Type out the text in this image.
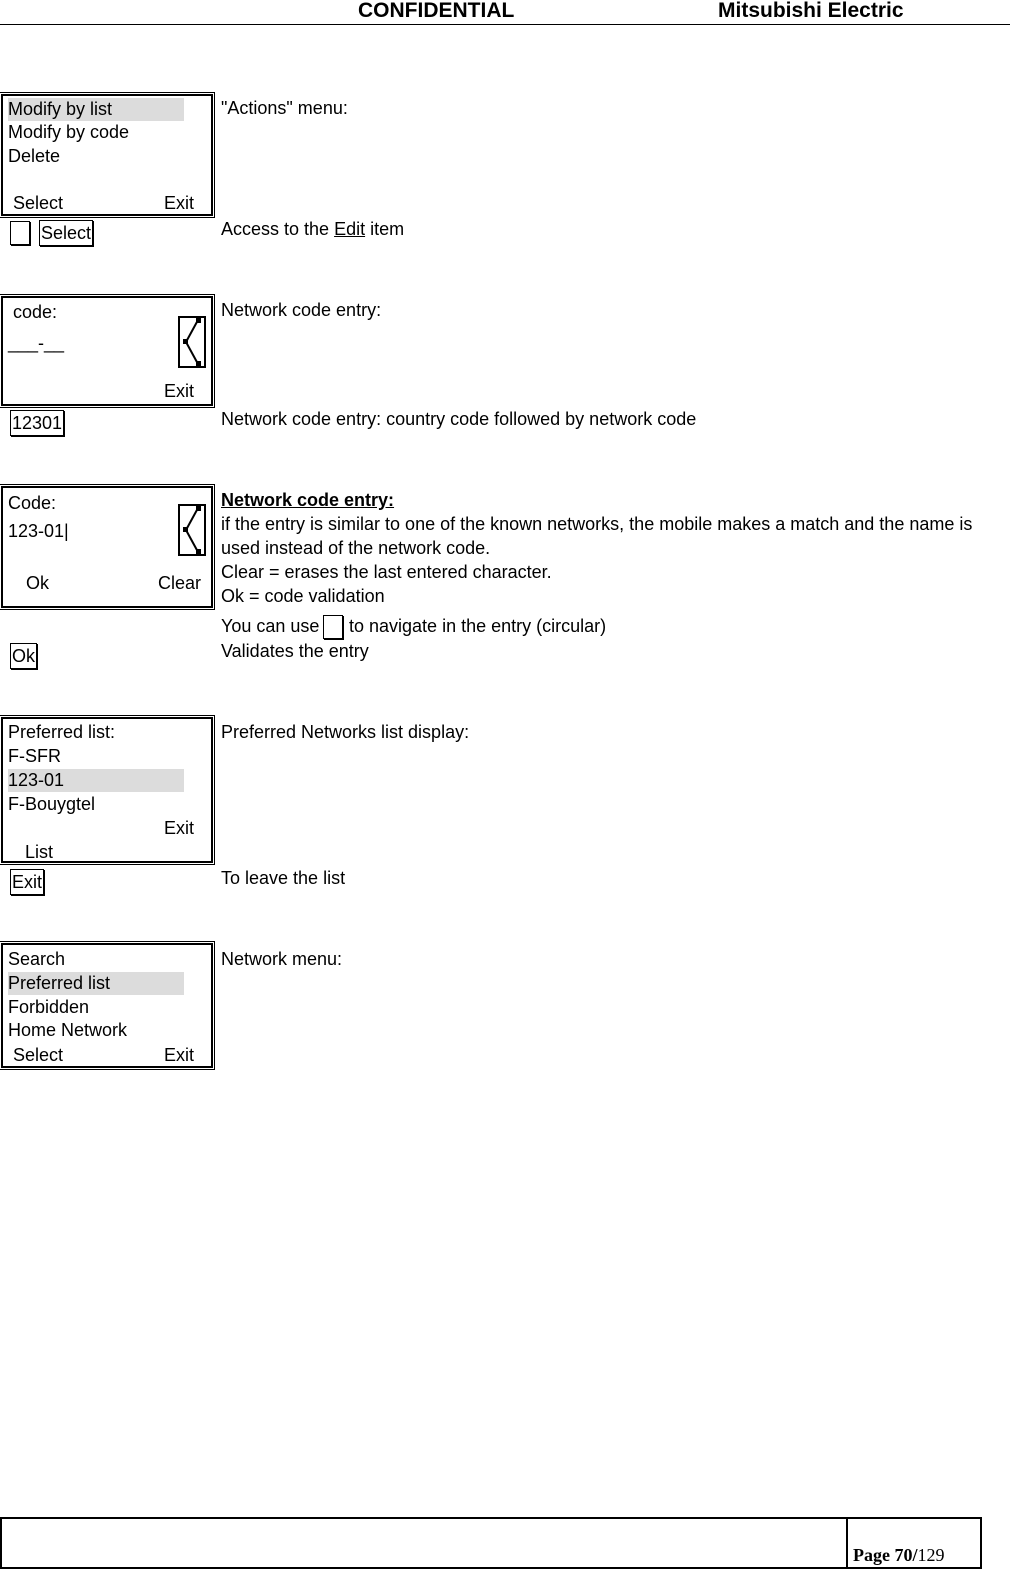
CONFIDENTIAL	Mitsubishi Electric
Modify by list
Modify by code
Delete
Select	Exit
"Actions" menu:
Select	Access to the Edit item
code:
___-__
Exit
Network code entry:
12301	Network code entry: country code followed by network code
Code:
123-01|
Ok	Clear
Network code entry:
if the entry is similar to one of the known networks, the mobile makes a match and the name is
used instead of the network code.
Clear = erases the last entered character.
Ok = code validation
You can use to navigate in the entry (circular)
Ok	Validates the entry
Preferred list:
F-SFR
123-01
F-Bouygtel
Exit
List
Preferred Networks list display:
Exit	To leave the list
Search
Preferred list
Forbidden
Home Network
Select	Exit
Network menu:
Page 70/129
